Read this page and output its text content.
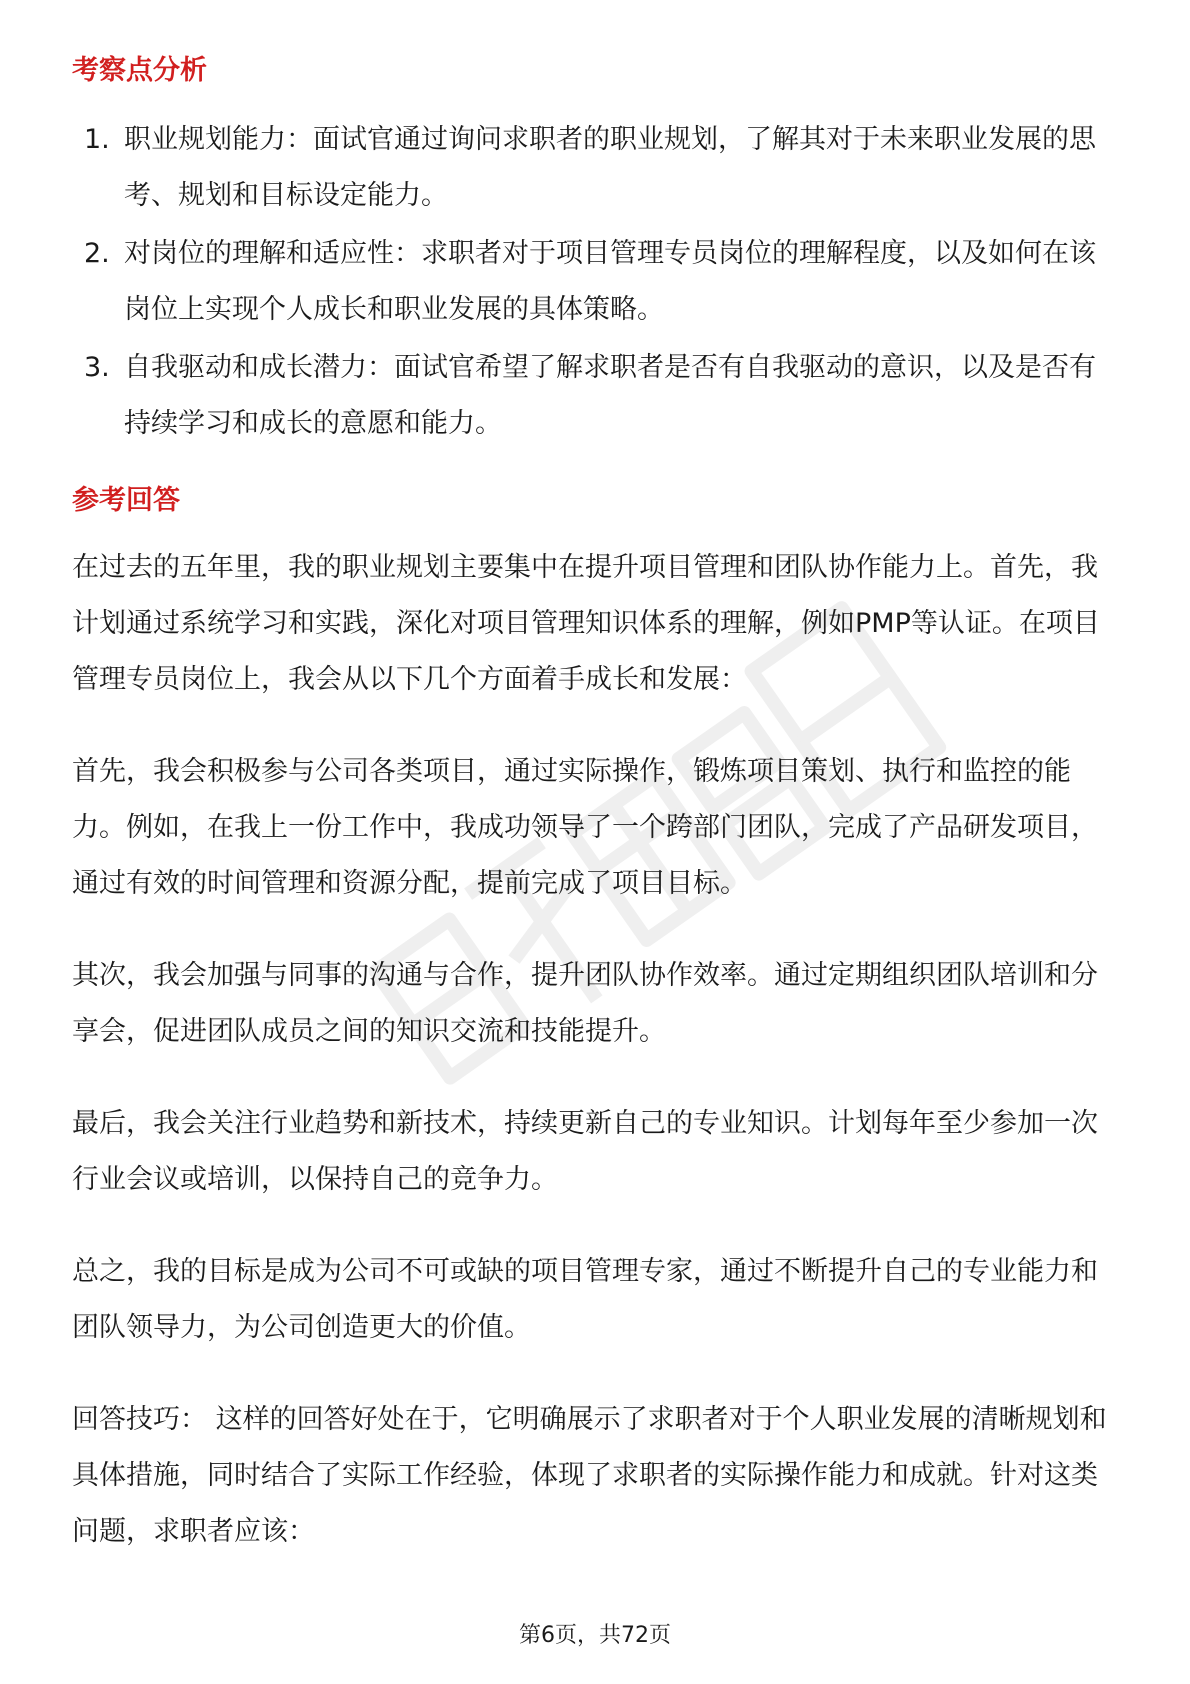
考察点分析
1. 职业规划能力：面试官通过询问求职者的职业规划，了解其对于未来职业发展的思考、规划和目标设定能力。
2. 对岗位的理解和适应性：求职者对于项目管理专员岗位的理解程度，以及如何在该岗位上实现个人成长和职业发展的具体策略。
3. 自我驱动和成长潜力：面试官希望了解求职者是否有自我驱动的意识，以及是否有持续学习和成长的意愿和能力。
参考回答

在过去的五年里，我的职业规划主要集中在提升项目管理和团队协作能力上。首先，我计划通过系统学习和实践，深化对项目管理知识体系的理解，例如PMP等认证。在项目管理专员岗位上，我会从以下几个方面着手成长和发展：

首先，我会积极参与公司各类项目，通过实际操作，锻炼项目策划、执行和监控的能力。例如，在我上一份工作中，我成功领导了一个跨部门团队，完成了产品研发项目，通过有效的时间管理和资源分配，提前完成了项目目标。

其次，我会加强与同事的沟通与合作，提升团队协作效率。通过定期组织团队培训和分享会，促进团队成员之间的知识交流和技能提升。

最后，我会关注行业趋势和新技术，持续更新自己的专业知识。计划每年至少参加一次行业会议或培训，以保持自己的竞争力。

总之，我的目标是成为公司不可或缺的项目管理专家，通过不断提升自己的专业能力和团队领导力，为公司创造更大的价值。

回答技巧： 这样的回答好处在于，它明确展示了求职者对于个人职业发展的清晰规划和具体措施，同时结合了实际工作经验，体现了求职者的实际操作能力和成就。针对这类问题，求职者应该：

第6页，共72页
